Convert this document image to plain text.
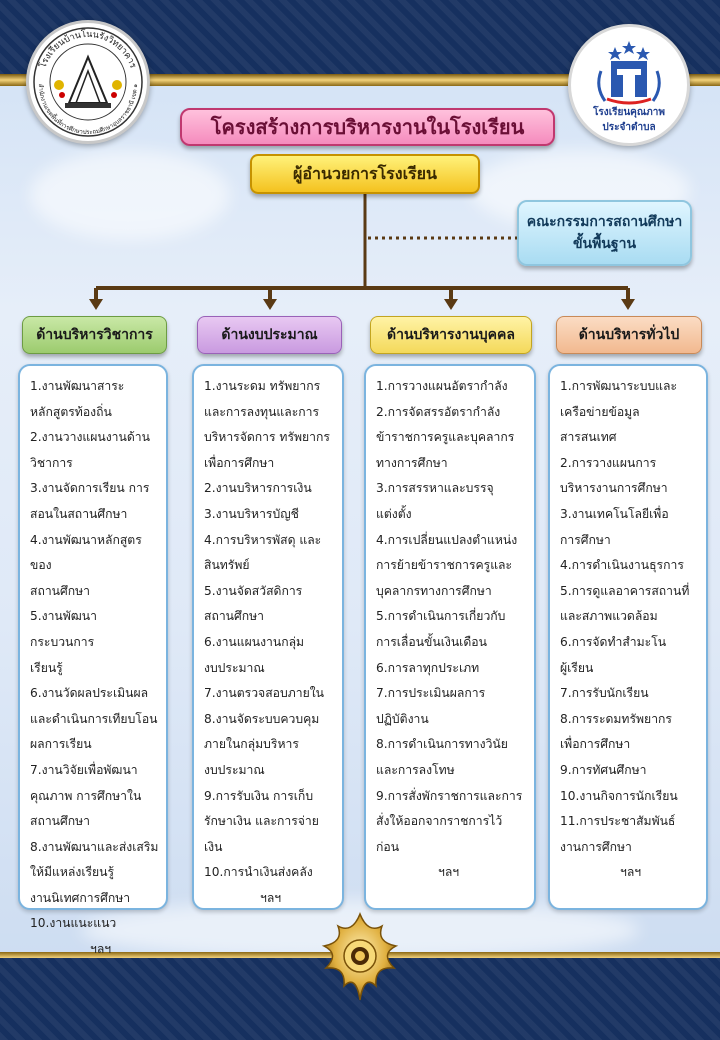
โรงเรียนบ้านโนนรังวิทยาคาร
สำนักงานเขตพื้นที่การศึกษาประถมศึกษาอุบลราชธานี เขต ๑
โรงเรียนคุณภาพ
ประจำตำบล
โครงสร้างการบริหารงานในโรงเรียน
ผู้อำนวยการโรงเรียน
คณะกรรมการสถานศึกษา
ขั้นพื้นฐาน
ด้านบริหารวิชาการ	ด้านงบประมาณ	ด้านบริหารงานบุคคล	ด้านบริหารทั่วไป
1.งานพัฒนาสาระ
หลักสูตรท้องถิ่น
2.งานวางแผนงานด้าน
วิชาการ
3.งานจัดการเรียน การ
สอนในสถานศึกษา
4.งานพัฒนาหลักสูตรของ
สถานศึกษา
5.งานพัฒนากระบวนการ
เรียนรู้
6.งานวัดผลประเมินผล
และดำเนินการเทียบโอน
ผลการเรียน
7.งานวิจัยเพื่อพัฒนา
คุณภาพ การศึกษาใน
สถานศึกษา
8.งานพัฒนาและส่งเสริม
ให้มีแหล่งเรียนรู้
งานนิเทศการศึกษา
10.งานแนะแนว
ฯลฯ
1.งานระดม ทรัพยากร
และการลงทุนและการ
บริหารจัดการ ทรัพยากร
เพื่อการศึกษา
2.งานบริหารการเงิน
3.งานบริหารบัญชี
4.การบริหารพัสดุ และ
สินทรัพย์
5.งานจัดสวัสดิการ
สถานศึกษา
6.งานแผนงานกลุ่ม
งบประมาณ
7.งานตรวจสอบภายใน
8.งานจัดระบบควบคุม
ภายในกลุ่มบริหาร
งบประมาณ
9.การรับเงิน การเก็บ
รักษาเงิน และการจ่ายเงิน
10.การนำเงินส่งคลัง
ฯลฯ
1.การวางแผนอัตรากำลัง
2.การจัดสรรอัตรากำลัง
ข้าราชการครูและบุคลากร
ทางการศึกษา
3.การสรรหาและบรรจุ
แต่งตั้ง
4.การเปลี่ยนแปลงตำแหน่ง
การย้ายข้าราชการครูและ
บุคลากรทางการศึกษา
5.การดำเนินการเกี่ยวกับ
การเลื่อนขั้นเงินเดือน
6.การลาทุกประเภท
7.การประเมินผลการ
ปฏิบัติงาน
8.การดำเนินการทางวินัย
และการลงโทษ
9.การสั่งพักราชการและการ
สั่งให้ออกจากราชการไว้
ก่อน
ฯลฯ
1.การพัฒนาระบบและ
เครือข่ายข้อมูล
สารสนเทศ
2.การวางแผนการ
บริหารงานการศึกษา
3.งานเทคโนโลยีเพื่อ
การศึกษา
4.การดำเนินงานธุรการ
5.การดูแลอาคารสถานที่
และสภาพแวดล้อม
6.การจัดทำสำมะโน
ผู้เรียน
7.การรับนักเรียน
8.การระดมทรัพยากร
เพื่อการศึกษา
9.การทัศนศึกษา
10.งานกิจการนักเรียน
11.การประชาสัมพันธ์
งานการศึกษา
ฯลฯ
